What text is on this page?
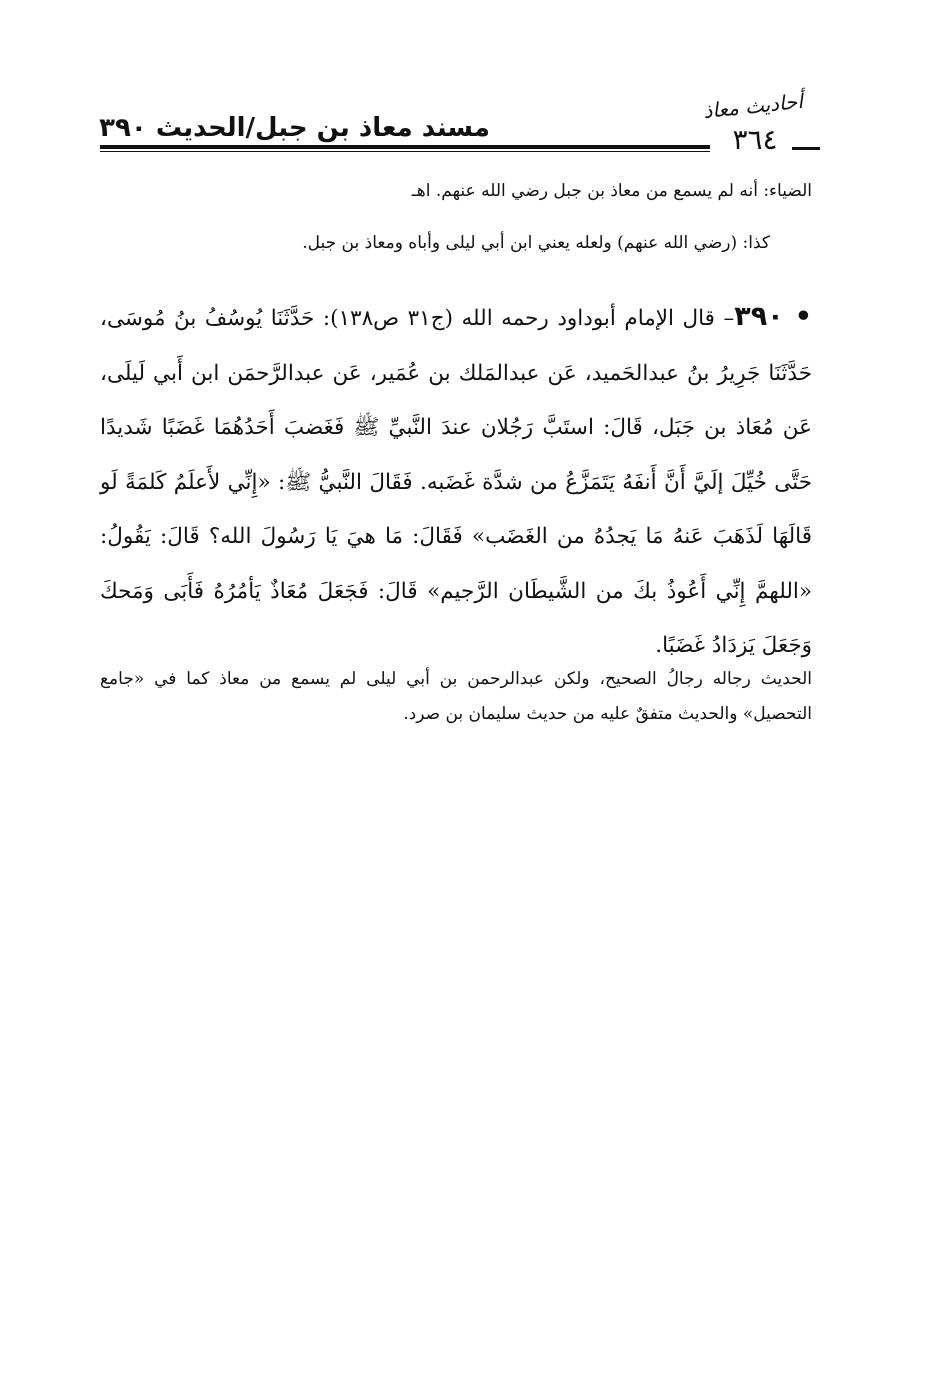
مسند معاذ بن جبل/الحديث ٣٩٠
أحاديث معاذ
٣٦٤
الضياء: أنه لم يسمع من معاذ بن جبل رضي الله عنهم. اهـ
كذا: (رضي الله عنهم) ولعله يعني ابن أبي ليلى وأباه ومعاذ بن جبل.
• ٣٩٠– قال الإمام أبوداود رحمه الله (ج٣١ ص١٣٨): حَدَّثَنَا يُوسُفُ بنُ مُوسَى، حَدَّثَنَا جَرِيرُ بنُ عبدالحَميد، عَن عبدالمَلك بن عُمَير، عَن عبدالرَّحمَن ابن أَبي لَيلَى، عَن مُعَاذ بن جَبَل، قَالَ: استَبَّ رَجُلان عندَ النَّبيِّ ﷺ فَغَضبَ أَحَدُهُمَا غَضَبًا شَديدًا حَتَّى خُيِّلَ إلَيَّ أَنَّ أَنفَهُ يَتَمَزَّعُ من شدَّة غَضَبه. فَقَالَ النَّبيُّ ﷺ: «إِنِّي لأَعلَمُ كَلمَةً لَو قَالَهَا لَذَهَبَ عَنهُ مَا يَجدُهُ من الغَضَب» فَقَالَ: مَا هيَ يَا رَسُولَ الله؟ قَالَ: يَقُولُ: «اللهمَّ إِنِّي أَعُوذُ بكَ من الشَّيطَان الرَّجيم» قَالَ: فَجَعَلَ مُعَاذٌ يَأمُرُهُ فَأَبَى وَمَحكَ وَجَعَلَ يَزدَادُ غَضَبًا.
الحديث رجاله رجالُ الصحيح، ولكن عبدالرحمن بن أبي ليلى لم يسمع من معاذ كما في «جامع التحصيل» والحديث متفقٌ عليه من حديث سليمان بن صرد.
